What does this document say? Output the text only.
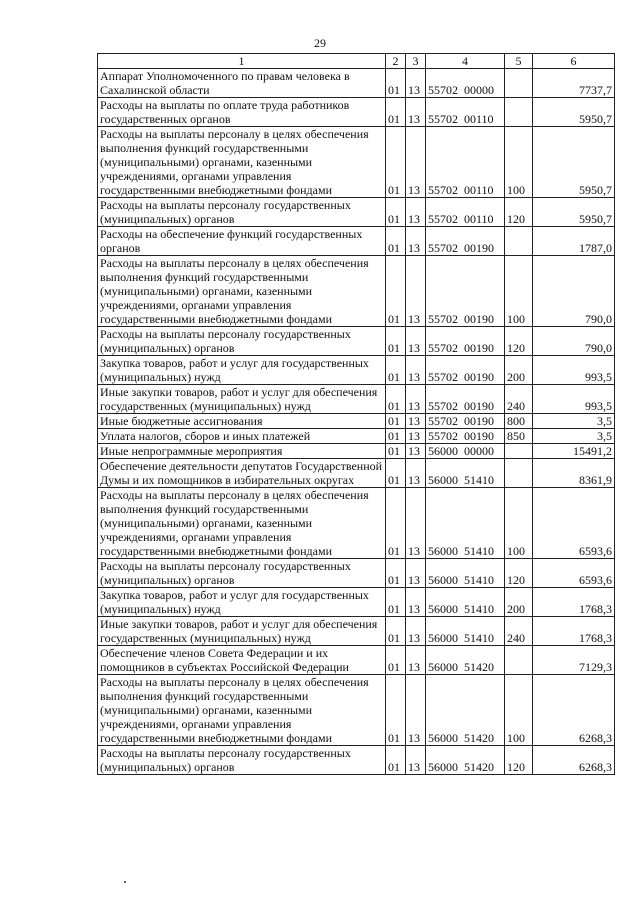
29
1	2	3	4	5	6
Аппарат Уполномоченного по правам человека в Сахалинской области	01	13	55702  00000		7737,7
Расходы на выплаты по оплате труда работников государственных органов	01	13	55702  00110		5950,7
Расходы на выплаты персоналу в целях обеспечения выполнения функций государственными (муниципальными) органами, казенными учреждениями, органами управления государственными внебюджетными фондами	01	13	55702  00110	100	5950,7
Расходы на выплаты персоналу государственных (муниципальных) органов	01	13	55702  00110	120	5950,7
Расходы на обеспечение функций государственных органов	01	13	55702  00190		1787,0
Расходы на выплаты персоналу в целях обеспечения выполнения функций государственными (муниципальными) органами, казенными учреждениями, органами управления государственными внебюджетными фондами	01	13	55702  00190	100	790,0
Расходы на выплаты персоналу государственных (муниципальных) органов	01	13	55702  00190	120	790,0
Закупка товаров, работ и услуг для государственных (муниципальных) нужд	01	13	55702  00190	200	993,5
Иные закупки товаров, работ и услуг для обеспечения государственных (муниципальных) нужд	01	13	55702  00190	240	993,5
Иные бюджетные ассигнования	01	13	55702  00190	800	3,5
Уплата налогов, сборов и иных платежей	01	13	55702  00190	850	3,5
Иные непрограммные мероприятия	01	13	56000  00000		15491,2
Обеспечение деятельности депутатов Государственной Думы и их помощников в избирательных округах	01	13	56000  51410		8361,9
Расходы на выплаты персоналу в целях обеспечения выполнения функций государственными (муниципальными) органами, казенными учреждениями, органами управления государственными внебюджетными фондами	01	13	56000  51410	100	6593,6
Расходы на выплаты персоналу государственных (муниципальных) органов	01	13	56000  51410	120	6593,6
Закупка товаров, работ и услуг для государственных (муниципальных) нужд	01	13	56000  51410	200	1768,3
Иные закупки товаров, работ и услуг для обеспечения государственных (муниципальных) нужд	01	13	56000  51410	240	1768,3
Обеспечение членов Совета Федерации и их помощников в субъектах Российской Федерации	01	13	56000  51420		7129,3
Расходы на выплаты персоналу в целях обеспечения выполнения функций государственными (муниципальными) органами, казенными учреждениями, органами управления государственными внебюджетными фондами	01	13	56000  51420	100	6268,3
Расходы на выплаты персоналу государственных (муниципальных) органов	01	13	56000  51420	120	6268,3
